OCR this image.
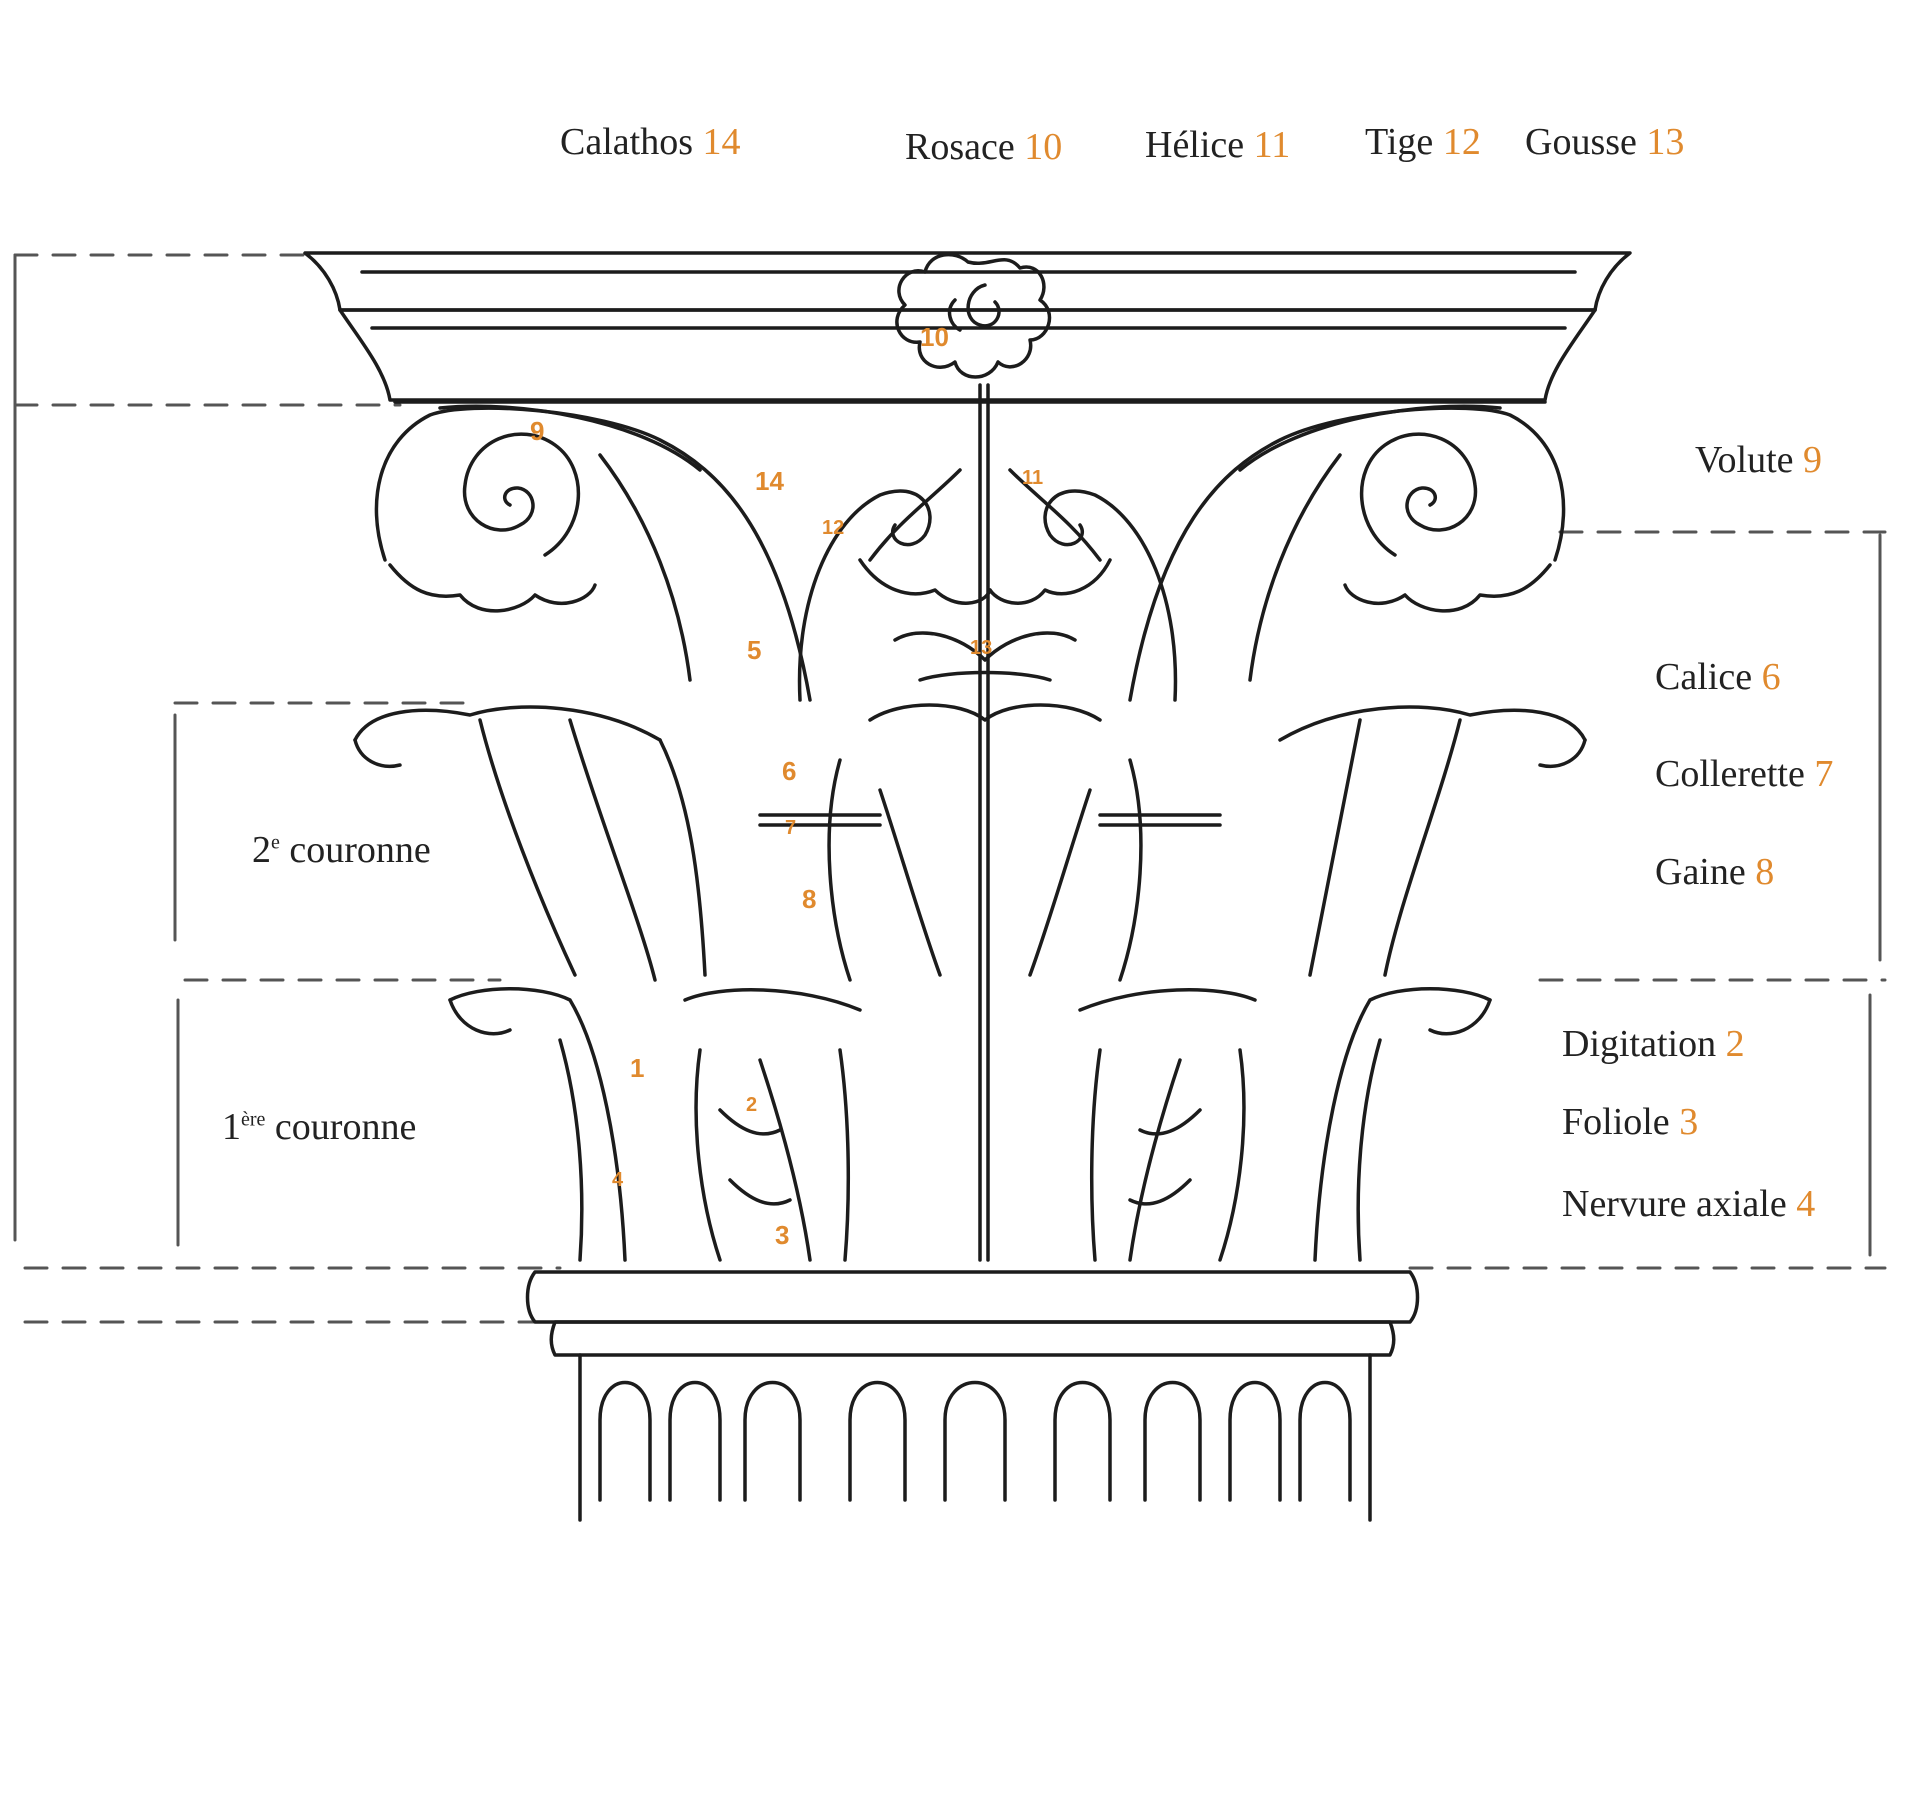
Calathos 14	Rosace 10 Hélice 11 Tige 12 Gousse 13
Volute 9
Calice 6
Collerette 7
Gaine 8
Digitation 2
Foliole 3
Nervure axiale 4
2e couronne
1ère couronne
1
2
3
4
5
6
7
8
9
10
11
12
13
14
